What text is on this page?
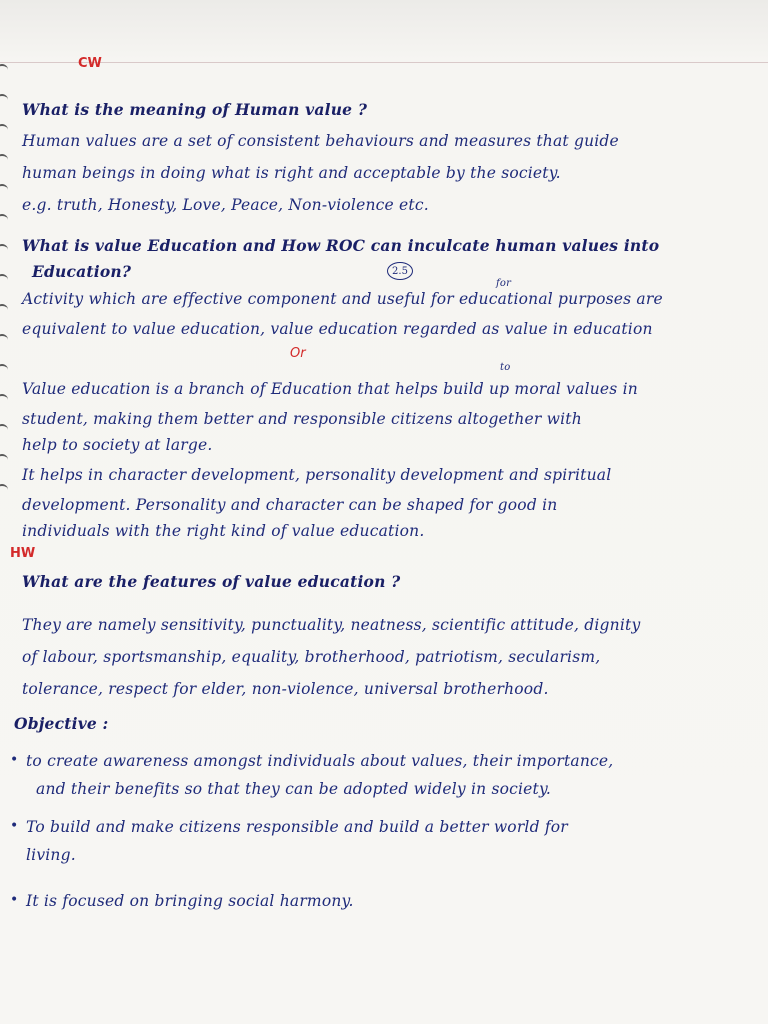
CW
HW
Or
2.5
to
for
What is the meaning of Human value ?
Human values are a set of consistent behaviours and measures that guide
human beings in doing what is right and acceptable by the society.
e.g. truth, Honesty, Love, Peace, Non-violence etc.
What is value Education and How ROC can inculcate human values into
Education?
Activity which are effective component and useful for educational purposes are
equivalent to value education, value education regarded as value in education
Value education is a branch of Education that helps build up moral values in
student, making them better and responsible citizens altogether with
help to society at large.
It helps in character development, personality development and spiritual
development. Personality and character can be shaped for good in
individuals with the right kind of value education.
What are the features of value education ?
They are namely sensitivity, punctuality, neatness, scientific attitude, dignity
of labour, sportsmanship, equality, brotherhood, patriotism, secularism,
tolerance, respect for elder, non-violence, universal brotherhood.
Objective :
• to create awareness amongst individuals about values, their importance,
and their benefits so that they can be adopted widely in society.
• To build and make citizens responsible and build a better world for
living.
• It is focused on bringing social harmony.
